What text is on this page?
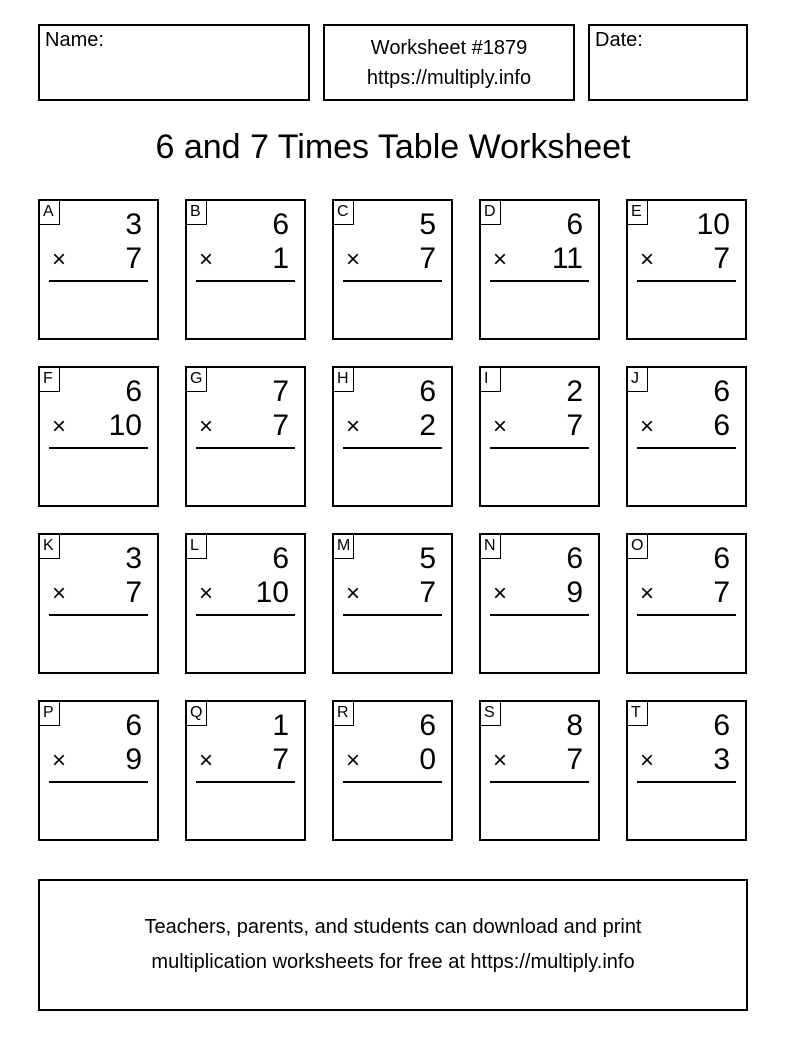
Name:	Worksheet #1879
https://multiply.info
Date:
6 and 7 Times Table Worksheet
A 3
× 7
B 6
× 1
C 5
× 7
D 6
× 11
E 10
× 7
F 6
× 10
G 7
× 7
H 6
× 2
I	2
× 7
J	6
× 6
K 3
× 7
L 6
× 10
M 5
× 7
N 6
× 9
O 6
× 7
P 6
× 9
Q 1
× 7
R 6
× 0
S 8
× 7
T 6
× 3
Teachers, parents, and students can download and print
multiplication worksheets for free at https://multiply.info
